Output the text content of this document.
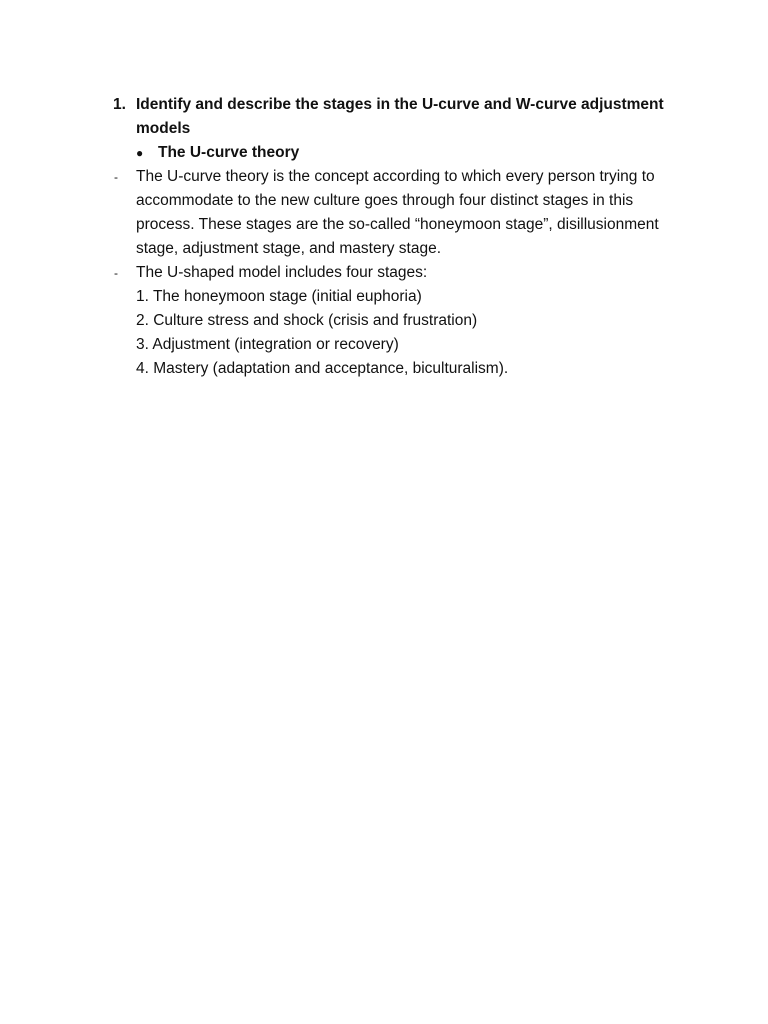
1. Identify and describe the stages in the U-curve and W-curve adjustment
models
● The U-curve theory
- The U-curve theory is the concept according to which every person trying to
accommodate to the new culture goes through four distinct stages in this
process. These stages are the so-called “honeymoon stage”, disillusionment
stage, adjustment stage, and mastery stage.
- The U-shaped model includes four stages:
1. The honeymoon stage (initial euphoria)
2. Culture stress and shock (crisis and frustration)
3. Adjustment (integration or recovery)
4. Mastery (adaptation and acceptance, biculturalism).
